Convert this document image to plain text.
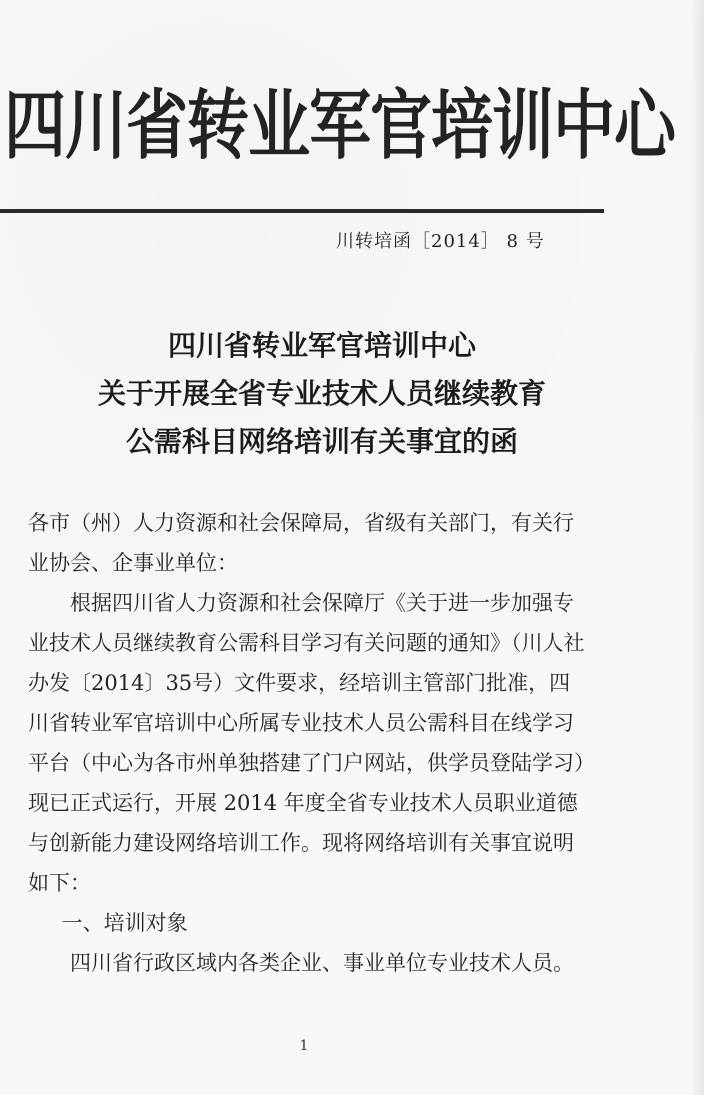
四川省转业军官培训中心
川转培函［2014］ 8 号
四川省转业军官培训中心
关于开展全省专业技术人员继续教育
公需科目网络培训有关事宜的函

各市（州）人力资源和社会保障局，省级有关部门，有关行业协会、企事业单位：

根据四川省人力资源和社会保障厅《关于进一步加强专业技术人员继续教育公需科目学习有关问题的通知》（川人社办发〔2014〕35号）文件要求，经培训主管部门批准，四川省转业军官培训中心所属专业技术人员公需科目在线学习平台（中心为各市州单独搭建了门户网站，供学员登陆学习）现已正式运行，开展 2014 年度全省专业技术人员职业道德与创新能力建设网络培训工作。现将网络培训有关事宜说明如下：

一、培训对象

四川省行政区域内各类企业、事业单位专业技术人员。

1
